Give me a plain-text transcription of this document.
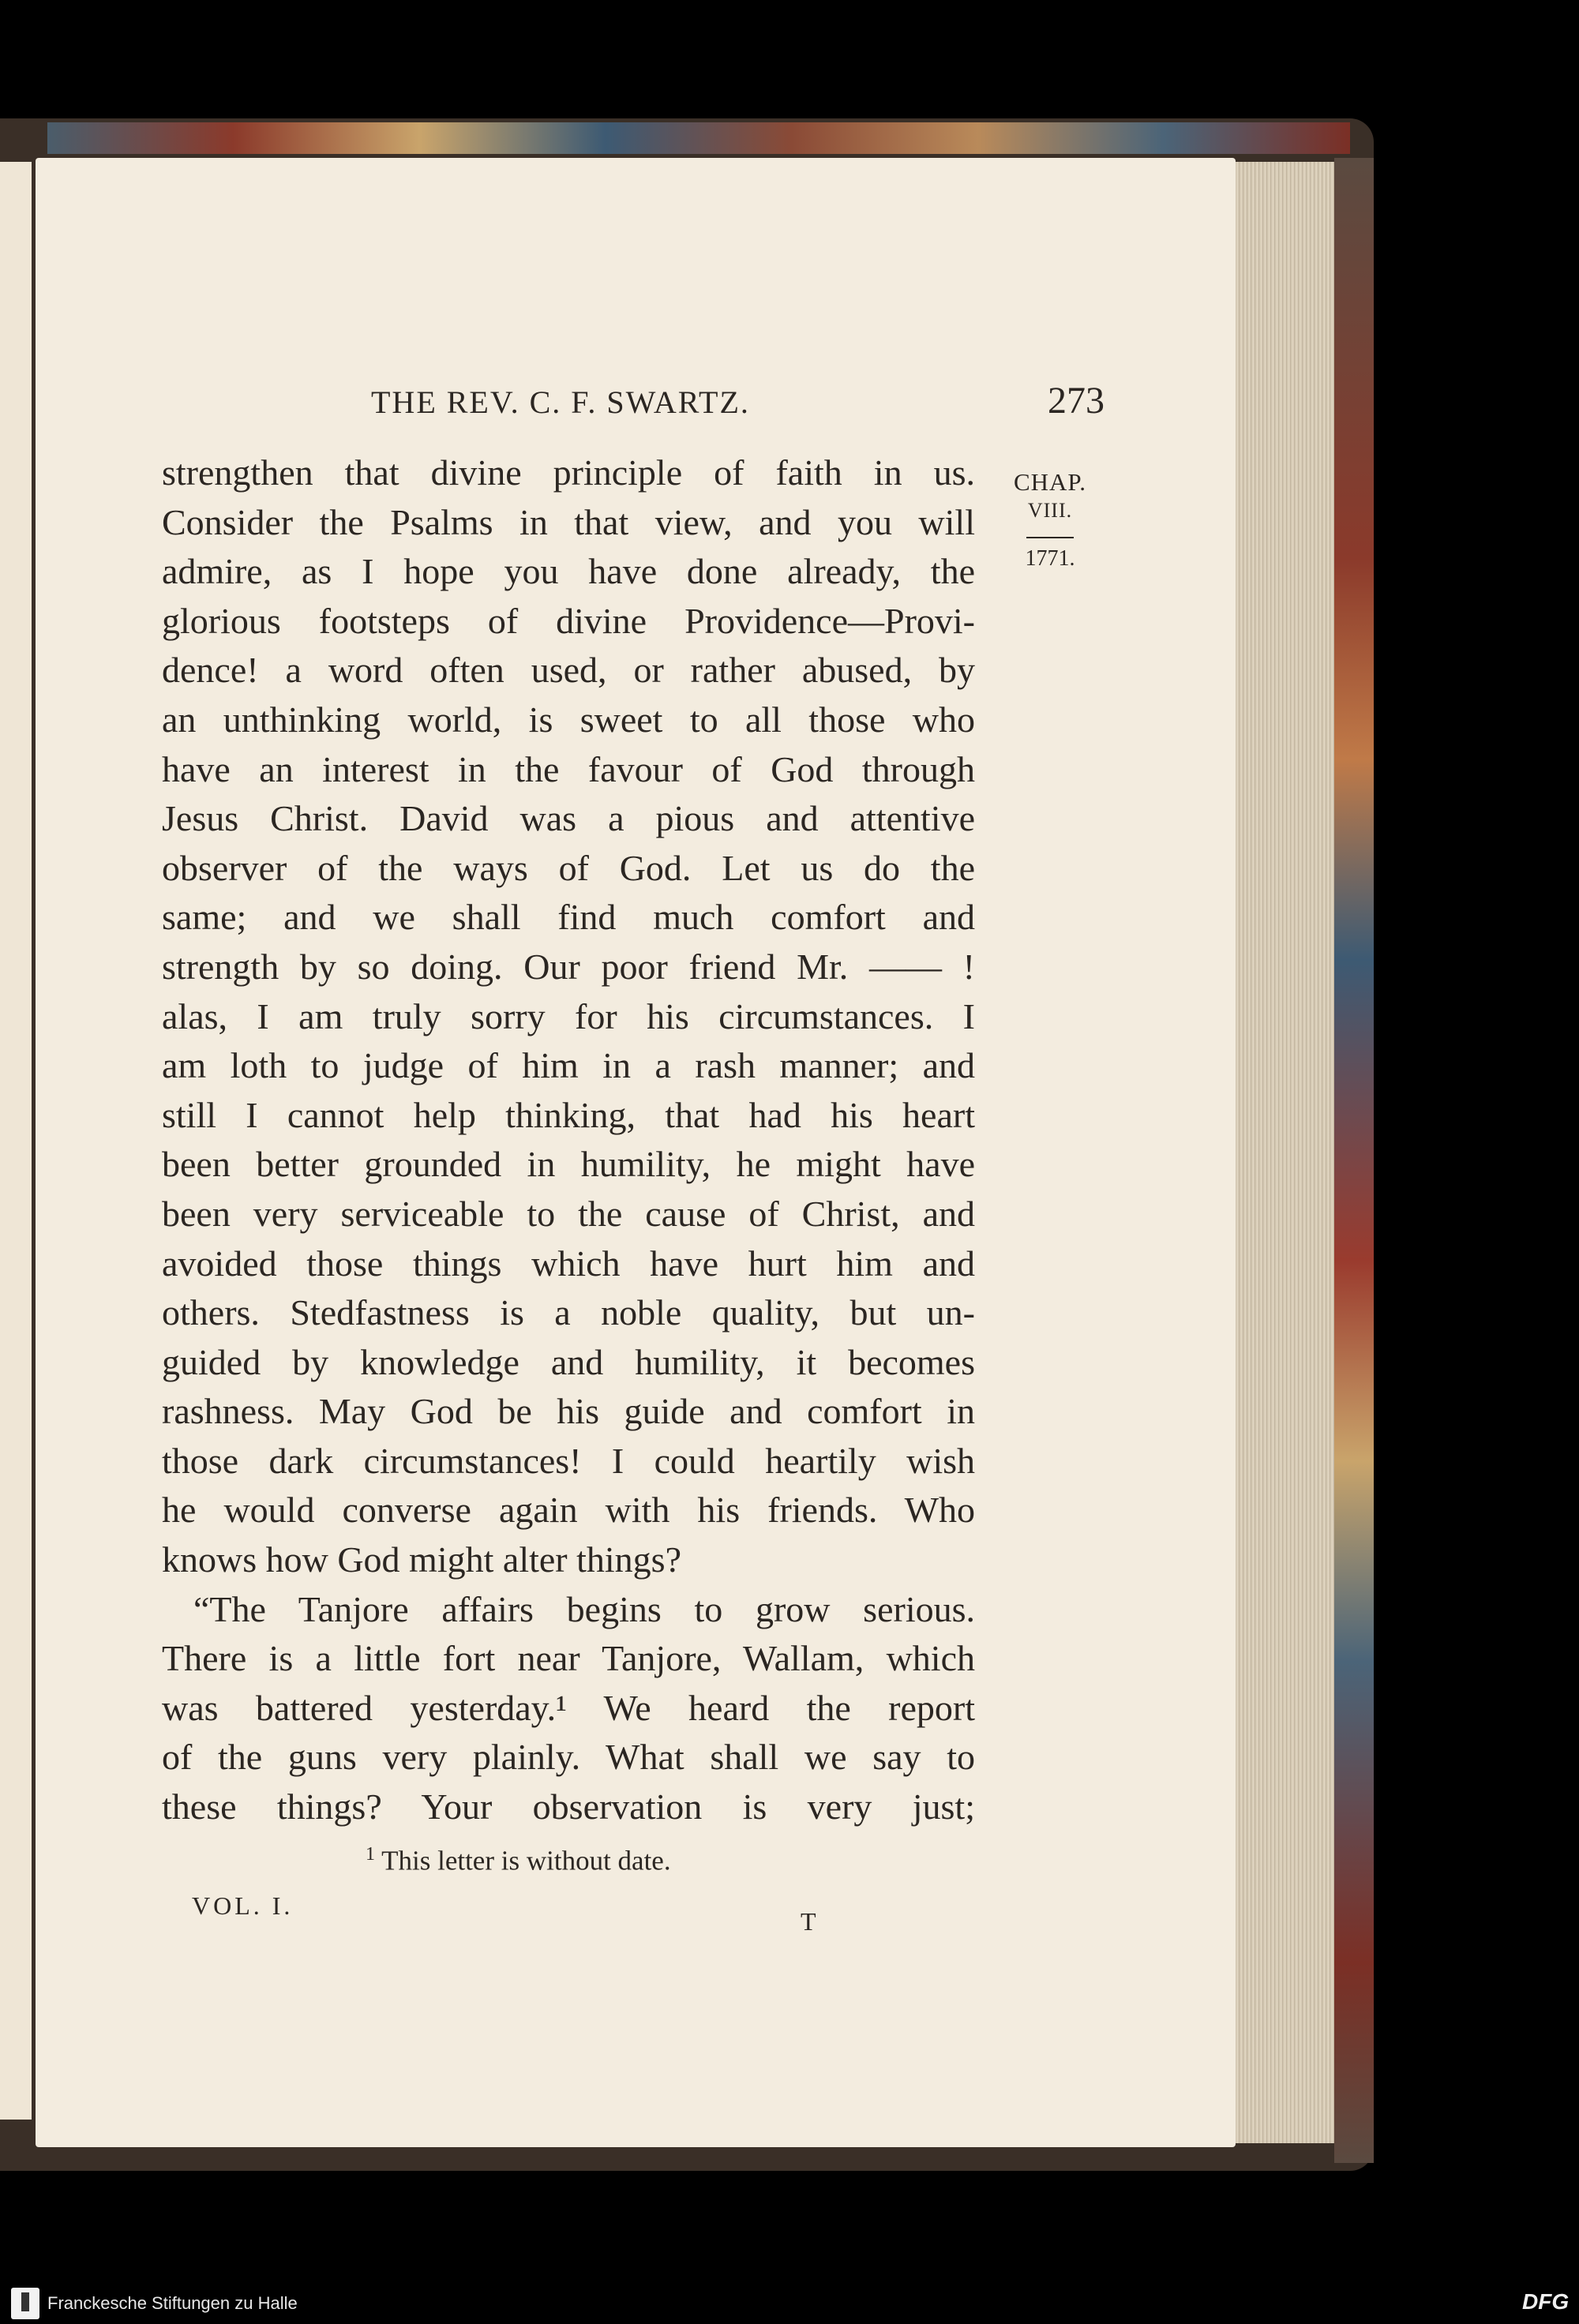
THE REV. C. F. SWARTZ.	273
CHAP.
VIII.
1771.
strengthen that divine principle of faith in us.
Consider the Psalms in that view, and you will
admire, as I hope you have done already, the
glorious footsteps of divine Providence—Provi-
dence! a word often used, or rather abused, by
an unthinking world, is sweet to all those who
have an interest in the favour of God through
Jesus Christ. David was a pious and attentive
observer of the ways of God. Let us do the
same; and we shall find much comfort and
strength by so doing. Our poor friend Mr. —— !
alas, I am truly sorry for his circumstances. I
am loth to judge of him in a rash manner; and
still I cannot help thinking, that had his heart
been better grounded in humility, he might have
been very serviceable to the cause of Christ, and
avoided those things which have hurt him and
others. Stedfastness is a noble quality, but un-
guided by knowledge and humility, it becomes
rashness. May God be his guide and comfort in
those dark circumstances! I could heartily wish
he would converse again with his friends. Who
knows how God might alter things?
“The Tanjore affairs begins to grow serious.
There is a little fort near Tanjore, Wallam, which
was battered yesterday.¹ We heard the report
of the guns very plainly. What shall we say to
these things? Your observation is very just;
$^1$ This letter is without date.
VOL. I.
T
Franckesche Stiftungen zu Halle	DFG
